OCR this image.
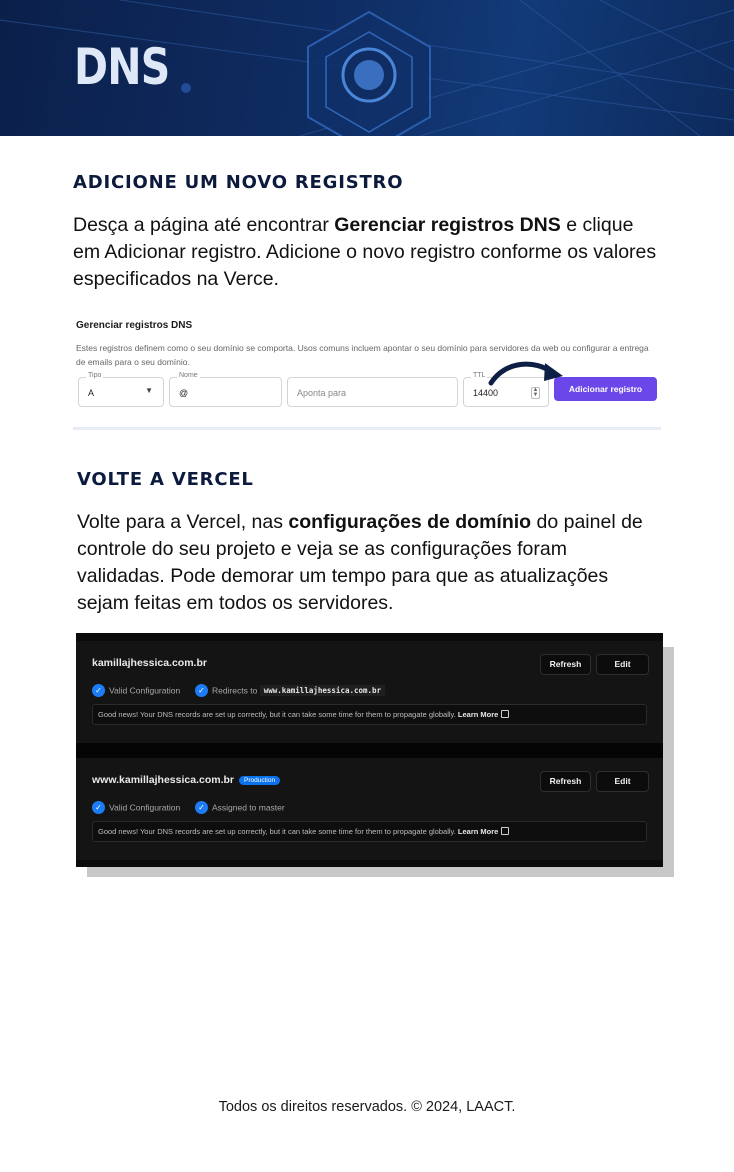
DNS
ADICIONE UM NOVO REGISTRO
Desça a página até encontrar Gerenciar registros DNS e clique em Adicionar registro. Adicione o novo registro conforme os valores especificados na Verce.
Gerenciar registros DNS
Estes registros definem como o seu domínio se comporta. Usos comuns incluem apontar o seu domínio para servidores da web ou configurar a entrega de emails para o seu domínio.
Tipo
A	▼
Nome
@	Aponta para
TTL
14400	▲
▼
Adicionar registro
VOLTE A VERCEL
Volte para a Vercel, nas configurações de domínio do painel de controle do seu projeto e veja se as configurações foram validadas. Pode demorar um tempo para que as atualizações sejam feitas em todos os servidores.
kamillajhessica.com.br	Refresh	Edit
✓ Valid Configuration ✓ Redirects to www.kamillajhessica.com.br
Good news! Your DNS records are set up correctly, but it can take some time for them to propagate globally. Learn More
www.kamillajhessica.com.br Production	Refresh	Edit
✓ Valid Configuration ✓ Assigned to master
Good news! Your DNS records are set up correctly, but it can take some time for them to propagate globally. Learn More
Todos os direitos reservados. © 2024, LAACT.
